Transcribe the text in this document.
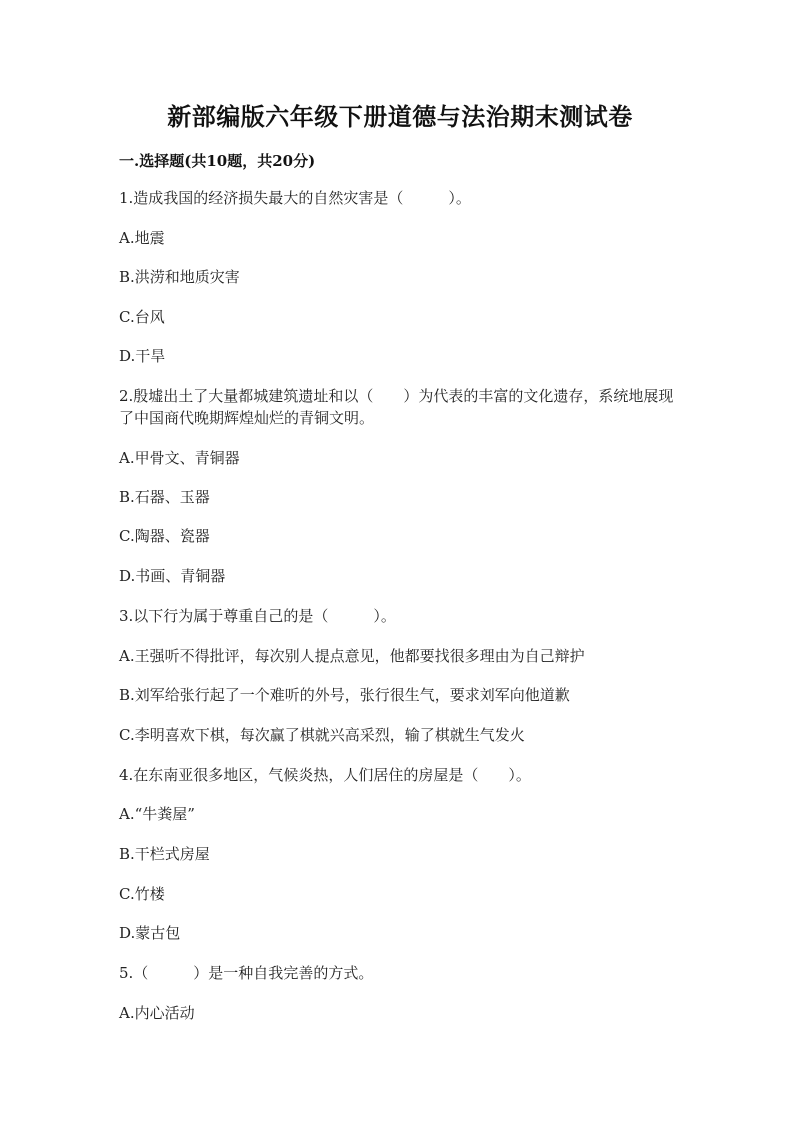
新部编版六年级下册道德与法治期末测试卷
一.选择题(共10题，共20分)
1.造成我国的经济损失最大的自然灾害是（　　　）。
A.地震
B.洪涝和地质灾害
C.台风
D.干旱
2.殷墟出土了大量都城建筑遗址和以（　　）为代表的丰富的文化遗存，系统地展现了中国商代晚期辉煌灿烂的青铜文明。
A.甲骨文、青铜器
B.石器、玉器
C.陶器、瓷器
D.书画、青铜器
3.以下行为属于尊重自己的是（　　　）。
A.王强听不得批评，每次别人提点意见，他都要找很多理由为自己辩护
B.刘军给张行起了一个难听的外号，张行很生气，要求刘军向他道歉
C.李明喜欢下棋，每次赢了棋就兴高采烈，输了棋就生气发火
4.在东南亚很多地区，气候炎热，人们居住的房屋是（　　）。
A.“牛粪屋”
B.干栏式房屋
C.竹楼
D.蒙古包
5.（　　　）是一种自我完善的方式。
A.内心活动
